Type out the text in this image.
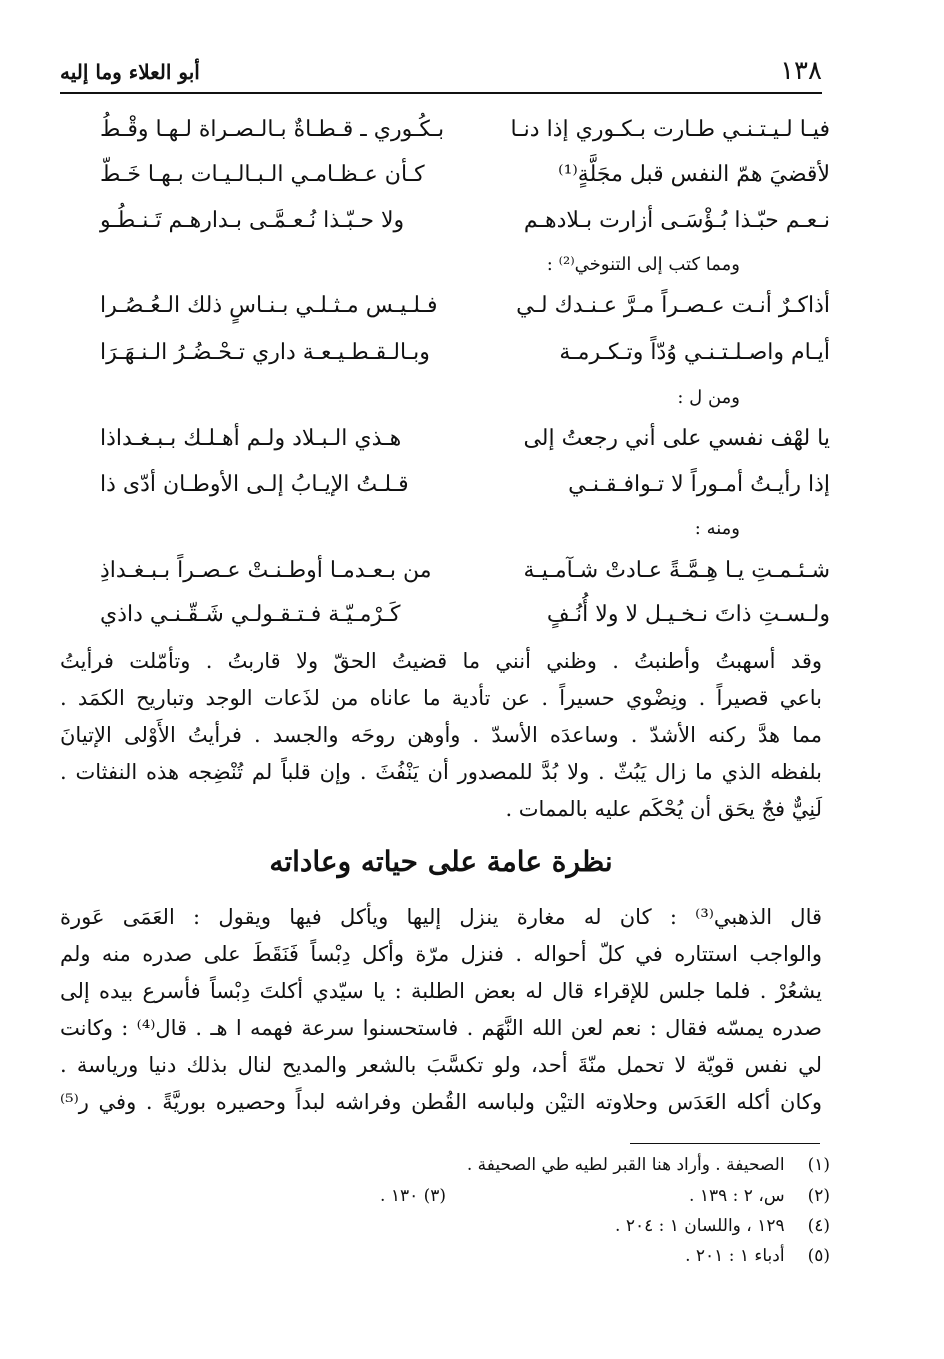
١٣٨
أبو العلاء وما إليه
فيـا لـيـتـنـي طـارت بـكـوري إذا دنـا
بـكُـوري ـ قـطـاةٌ بـالـصـراة لـهـا وقْـطُ
لأقضيَ همّ النفس قبل مجَلَّةٍ⁽¹⁾
كـأن عـظـامـي الـبـالـيـات بـهـا خَـطّ
نـعـم حبّـذا بُـؤْسَـى أزارت بـلادهـم
ولا حـبّـذا نُـعـمَّـى بـدارهـم تَـنـطُـو
ومما كتب إلى التنوخي⁽²⁾ :
أذاكـرٌ أنـت عـصـراً مـرَّ عـنـدك لـي
فـلـيـس مـثـلـي بـنـاسٍ ذلك الـعُـصُـرا
أيـام واصـلـتـنـي وُدّاً وتـكـرمـة
وبـالـقـطـيـعـة داري تـحْـضُـرُ الـنـهَـرَا
ومن ل :
يا لهْف نفسي على أني رجعتُ إلى
هـذي الـبـلاد ولـم أهـلـك بـبـغـداذا
إذا رأيـتُ أمـوراً لا تـوافـقـنـي
قـلـتُ الإيـابُ إلـى الأوطـان أدّى ذا
ومنه :
شـئـمـتِ يـا هِـمَّـةً عـادتْ شـآمـيـة
من بـعـدمـا أوطـنـتْ عـصـراً بـبـغـداذِ
ولـسـتِ ذاتَ نـخـيـل لا ولا أُنُـفٍ
كَـرْمـيّـة فـتـقـولـي شَـقّـنـي داذي
وقد أسهبتُ وأطنبتُ . وظني أنني ما قضيتُ الحقّ ولا قاربتُ . وتأمّلت فرأيتُ
باعي قصيراً . ونِضْوي حسيراً . عن تأدية ما عاناه من لذَعات الوجد وتباريح الكمَد .
مما هدَّ ركنه الأشدّ . وساعدَه الأسدّ . وأوهن روحَه والجسد . فرأيتُ الأَوْلى الإتيانَ
بلفظه الذي ما زال يَبُثّ . ولا بُدَّ للمصدور أن يَنْفُثَ . وإن قلباً لم تُنْضِجه هذه النفثات .
لَنِيٌّ فجٌ يحَق أن يُحْكَم عليه بالممات .
نظرة عامة على حياته وعاداته
قال الذهبي⁽³⁾ : كان له مغارة ينزل إليها ويأكل فيها ويقول : العَمَى عَورة
والواجب استتاره في كلّ أحواله . فنزل مرّة وأكل دِبْساً فَنَقَطَ على صدره منه ولم
يشعُرْ . فلما جلس للإقراء قال له بعض الطلبة : يا سيّدي أكلتَ دِبْساً فأسرع بيده إلى
صدره يمسّه فقال : نعم لعن الله النَّهَم . فاستحسنوا سرعة فهمه ا هـ . قال⁽⁴⁾ : وكانت
لي نفس قويّة لا تحمل منّةَ أحد، ولو تكسَّبَ بالشعر والمديح لنال بذلك دنيا ورياسة .
وكان أكله العَدَس وحلاوته التيْن ولباسه القُطن وفراشه لبداً وحصيره بوريَّةً . وفي ر⁽⁵⁾
(١) الصحيفة . وأراد هنا القبر لطيه طي الصحيفة .
(٢) س، ٢ : ١٣٩ .
(٣) ١٣٠ .
(٤) ١٢٩ ، واللسان ١ : ٢٠٤ .
(٥) أدباء ١ : ٢٠١ .
